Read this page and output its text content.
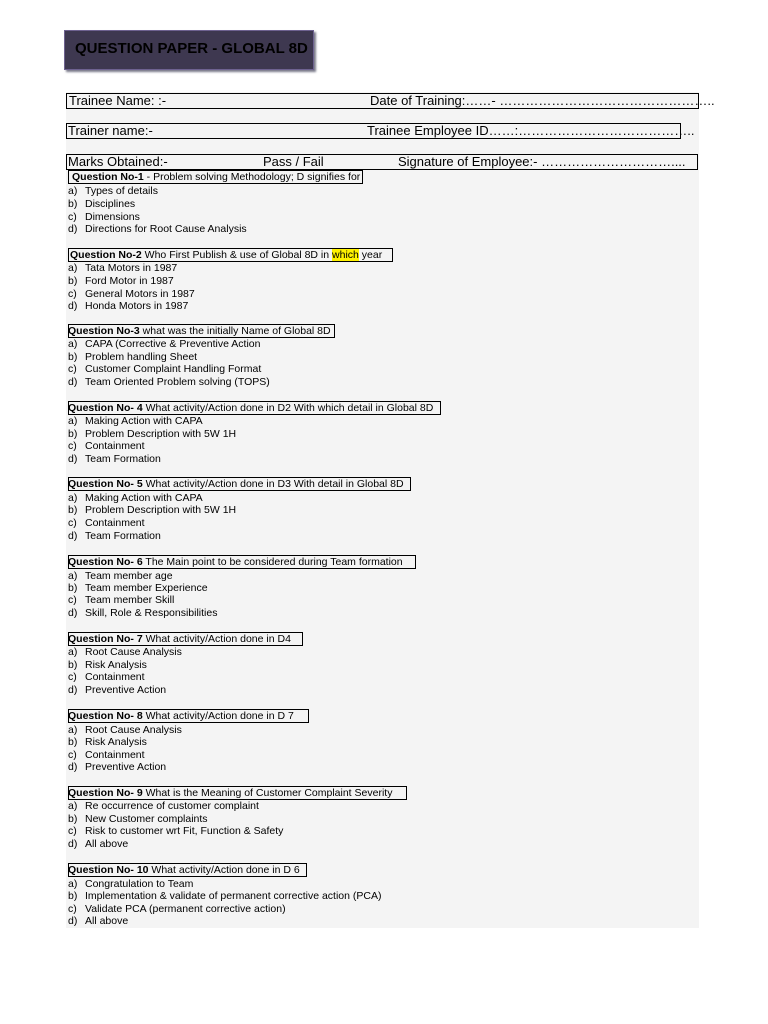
QUESTION PAPER - GLOBAL 8D
Trainee Name: :-	Date of Training:……- …………………………………………..
Trainer name:-	Trainee Employee ID……:…………………………………..
Marks Obtained:-	Pass / Fail	Signature of Employee:- …………………………....
Question No-1 - Problem solving Methodology; D signifies for
a) Types of details
b) Disciplines
c) Dimensions
d) Directions for Root Cause Analysis
Question No-2 Who First Publish & use of Global 8D in which year
a) Tata Motors in 1987
b) Ford Motor in 1987
c) General Motors in 1987
d) Honda Motors in 1987
Question No-3 what was the initially Name of Global 8D
a) CAPA (Corrective & Preventive Action
b) Problem handling Sheet
c) Customer Complaint Handling Format
d) Team Oriented Problem solving (TOPS)
Question No- 4 What activity/Action done in D2 With which detail in Global 8D
a) Making Action with CAPA
b) Problem Description with 5W 1H
c) Containment
d) Team Formation
Question No- 5 What activity/Action done in D3 With detail in Global 8D
a) Making Action with CAPA
b) Problem Description with 5W 1H
c) Containment
d) Team Formation
Question No- 6 The Main point to be considered during Team formation
a) Team member age
b) Team member Experience
c) Team member Skill
d) Skill, Role & Responsibilities
Question No- 7 What activity/Action done in D4
a) Root Cause Analysis
b) Risk Analysis
c) Containment
d) Preventive Action
Question No- 8 What activity/Action done in D 7
a) Root Cause Analysis
b) Risk Analysis
c) Containment
d) Preventive Action
Question No- 9 What is the Meaning of Customer Complaint Severity
a) Re occurrence of customer complaint
b) New Customer complaints
c) Risk to customer wrt Fit, Function & Safety
d) All above
Question No- 10 What activity/Action done in D 6
a) Congratulation to Team
b) Implementation & validate of permanent corrective action (PCA)
c) Validate PCA (permanent corrective action)
d) All above
